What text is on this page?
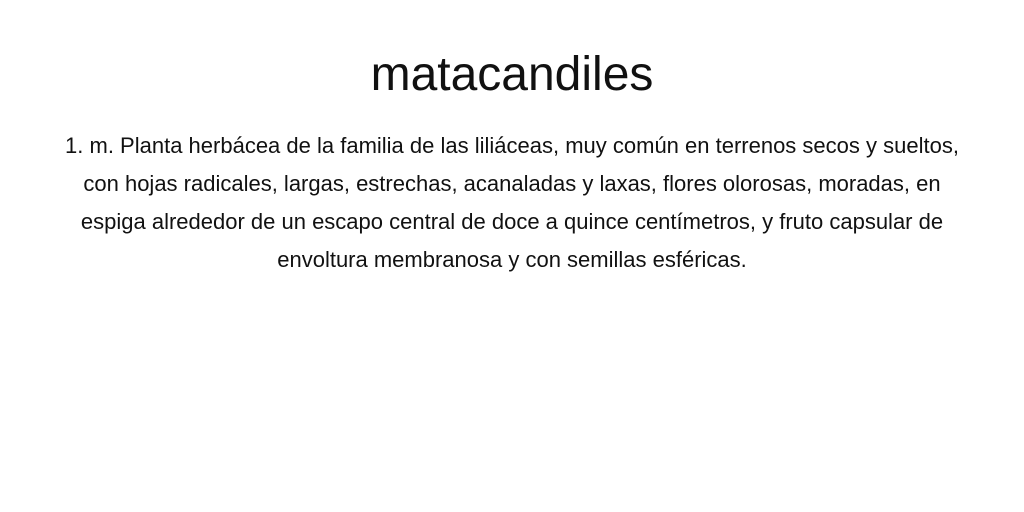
matacandiles

1. m. Planta herbácea de la familia de las liliáceas, muy común en terrenos secos y sueltos, con hojas radicales, largas, estrechas, acanaladas y laxas, flores olorosas, moradas, en espiga alrededor de un escapo central de doce a quince centímetros, y fruto capsular de envoltura membranosa y con semillas esféricas.
